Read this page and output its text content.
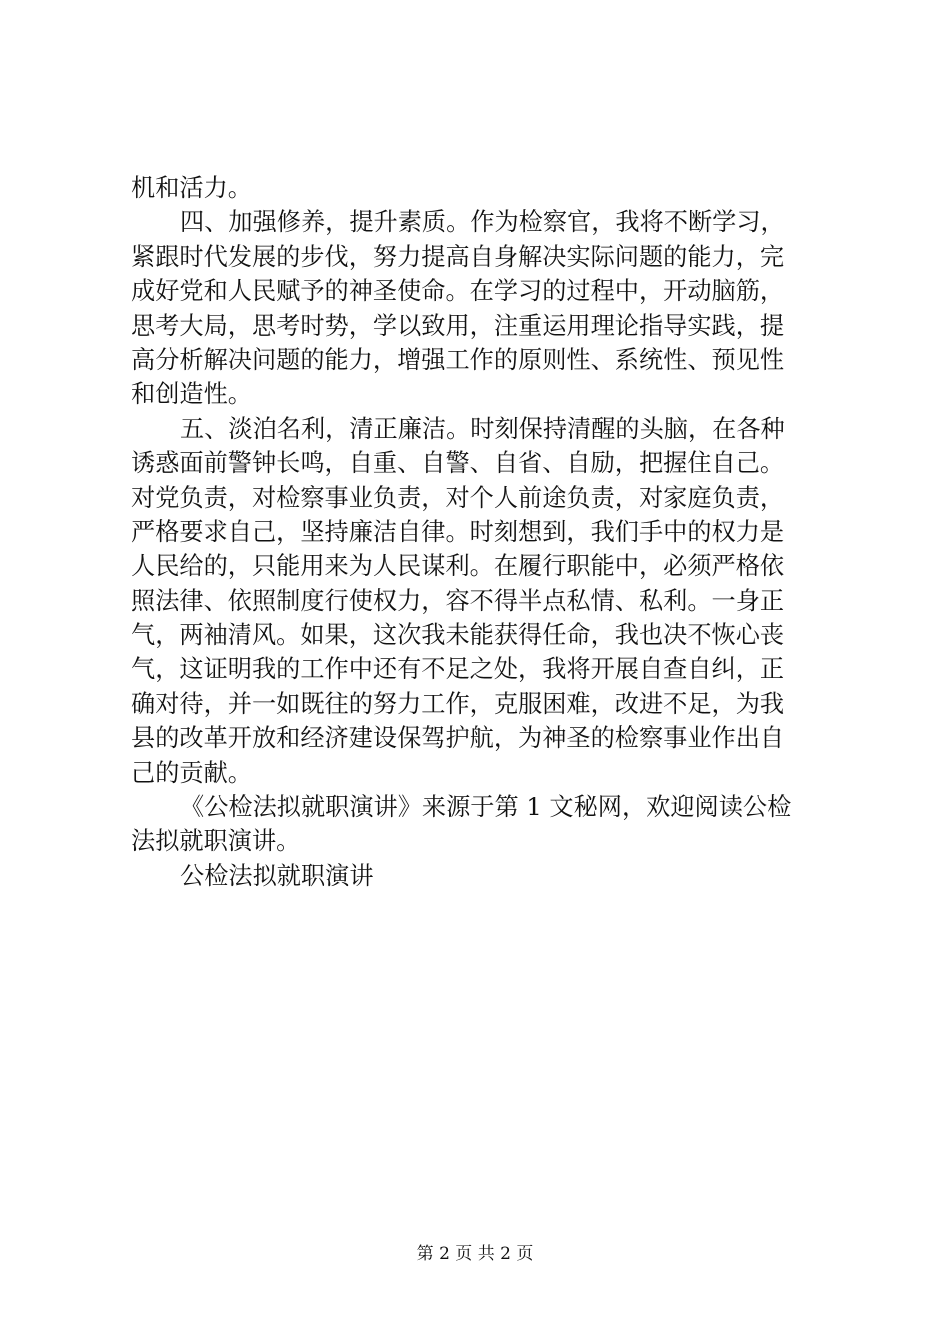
机和活力。
四、加强修养，提升素质。作为检察官，我将不断学习，
紧跟时代发展的步伐，努力提高自身解决实际问题的能力，完
成好党和人民赋予的神圣使命。在学习的过程中，开动脑筋，
思考大局，思考时势，学以致用，注重运用理论指导实践，提
高分析解决问题的能力，增强工作的原则性、系统性、预见性
和创造性。
五、淡泊名利，清正廉洁。时刻保持清醒的头脑，在各种
诱惑面前警钟长鸣，自重、自警、自省、自励，把握住自己。
对党负责，对检察事业负责，对个人前途负责，对家庭负责，
严格要求自己，坚持廉洁自律。时刻想到，我们手中的权力是
人民给的，只能用来为人民谋利。在履行职能中，必须严格依
照法律、依照制度行使权力，容不得半点私情、私利。一身正
气，两袖清风。如果，这次我未能获得任命，我也决不恢心丧
气，这证明我的工作中还有不足之处，我将开展自查自纠，正
确对待，并一如既往的努力工作，克服困难，改进不足，为我
县的改革开放和经济建设保驾护航，为神圣的检察事业作出自
己的贡献。
《公检法拟就职演讲》来源于第 1 文秘网，欢迎阅读公检
法拟就职演讲。
公检法拟就职演讲
第 2 页 共 2 页
